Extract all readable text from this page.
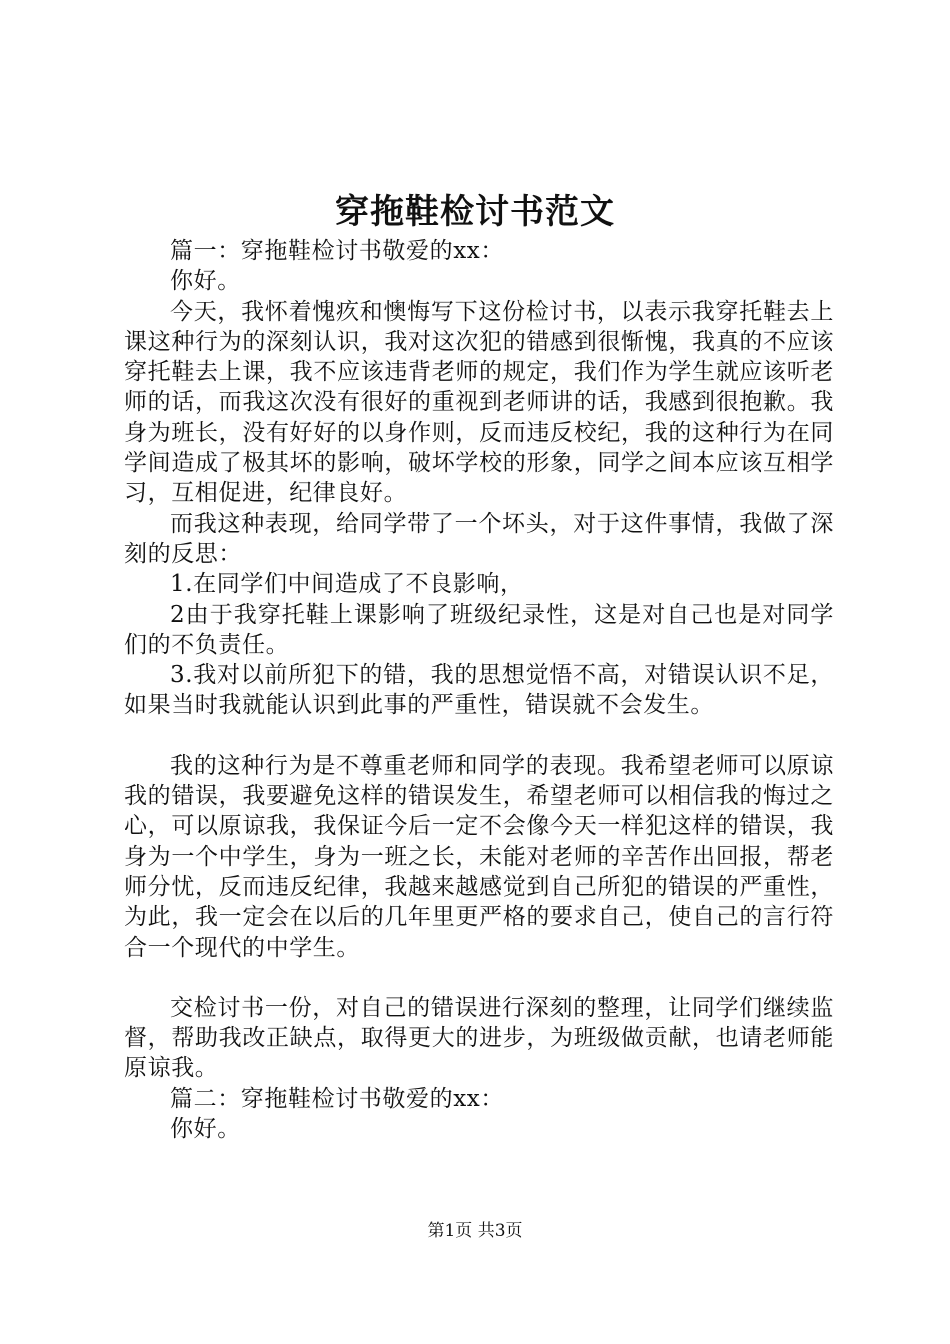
穿拖鞋检讨书范文

篇一：穿拖鞋检讨书敬爱的xx：

你好。

今天，我怀着愧疚和懊悔写下这份检讨书，以表示我穿托鞋去上课这种行为的深刻认识，我对这次犯的错感到很惭愧，我真的不应该穿托鞋去上课，我不应该违背老师的规定，我们作为学生就应该听老师的话，而我这次没有很好的重视到老师讲的话，我感到很抱歉。我身为班长，没有好好的以身作则，反而违反校纪，我的这种行为在同学间造成了极其坏的影响，破坏学校的形象，同学之间本应该互相学习，互相促进，纪律良好。

而我这种表现，给同学带了一个坏头，对于这件事情，我做了深刻的反思：

1.在同学们中间造成了不良影响，

2由于我穿托鞋上课影响了班级纪录性，这是对自己也是对同学们的不负责任。

3.我对以前所犯下的错，我的思想觉悟不高，对错误认识不足，如果当时我就能认识到此事的严重性，错误就不会发生。

我的这种行为是不尊重老师和同学的表现。我希望老师可以原谅我的错误，我要避免这样的错误发生，希望老师可以相信我的悔过之心，可以原谅我，我保证今后一定不会像今天一样犯这样的错误，我身为一个中学生，身为一班之长，未能对老师的辛苦作出回报，帮老师分忧，反而违反纪律，我越来越感觉到自己所犯的错误的严重性，为此，我一定会在以后的几年里更严格的要求自己，使自己的言行符合一个现代的中学生。

交检讨书一份，对自己的错误进行深刻的整理，让同学们继续监督，帮助我改正缺点，取得更大的进步，为班级做贡献，也请老师能原谅我。

篇二：穿拖鞋检讨书敬爱的xx：

你好。

第1页 共3页
